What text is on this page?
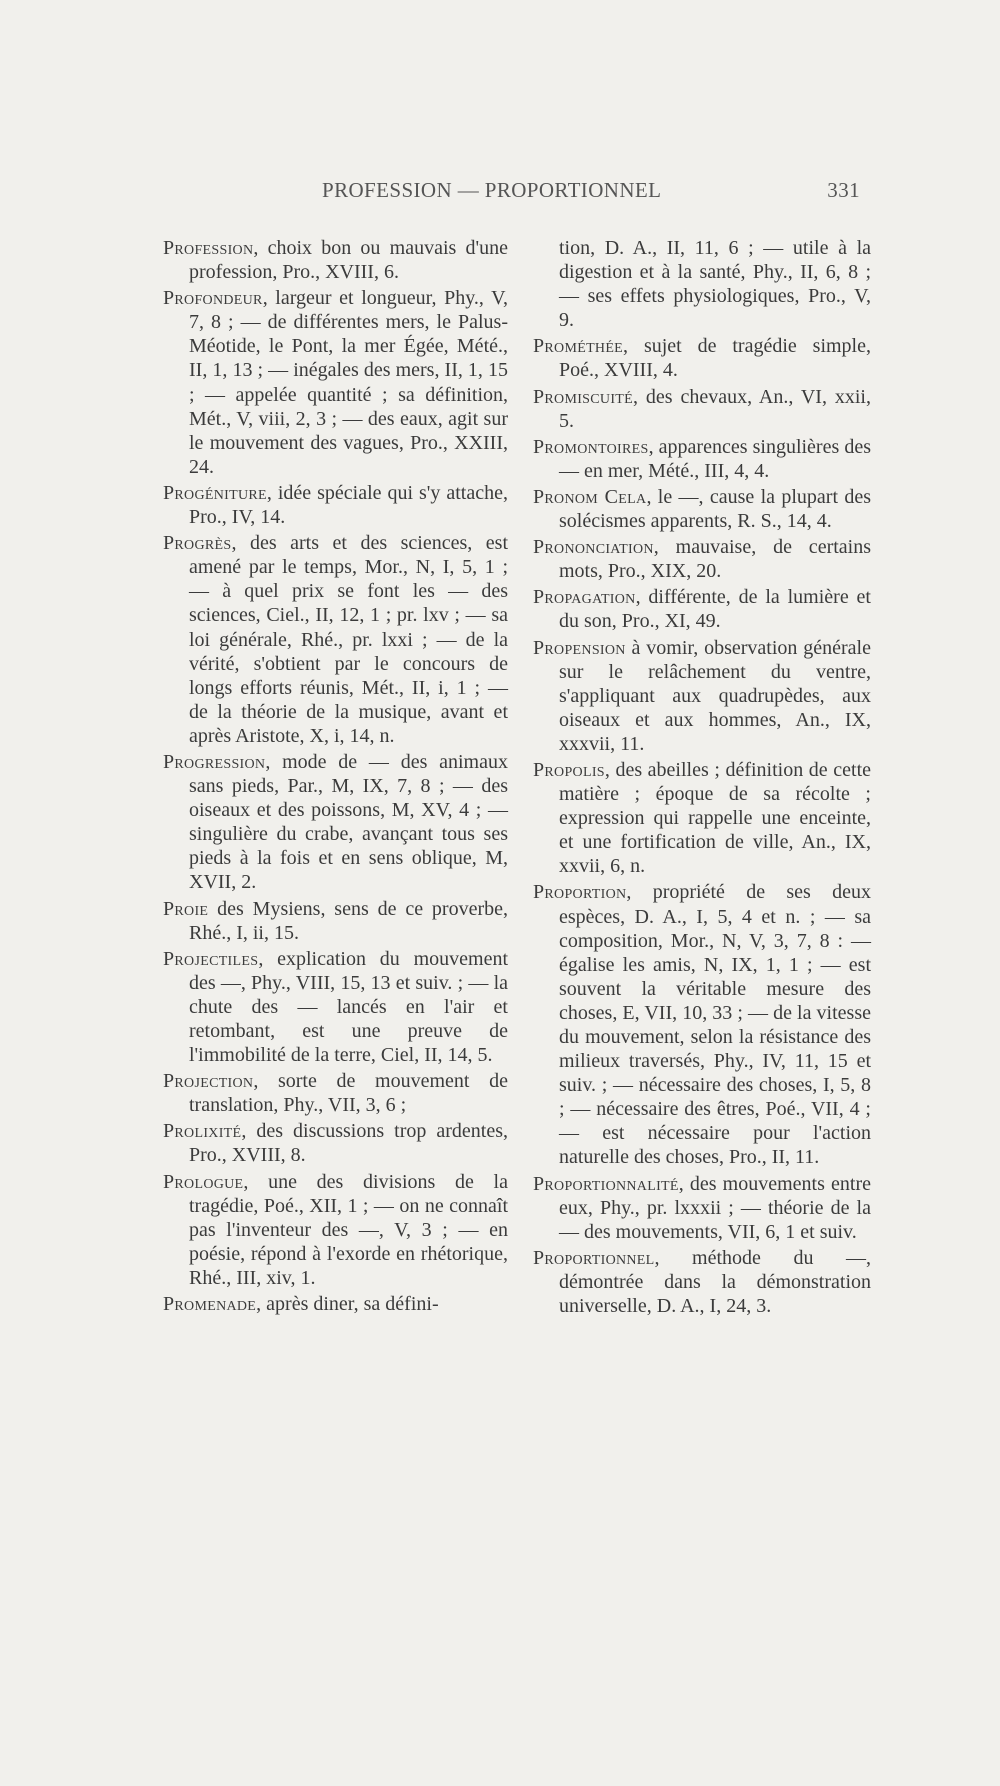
PROFESSION — PROPORTIONNEL	331

Profession, choix bon ou mauvais d'une profession, Pro., XVIII, 6.

Profondeur, largeur et longueur, Phy., V, 7, 8 ; — de différentes mers, le Palus-Méotide, le Pont, la mer Égée, Mété., II, 1, 13 ; — inégales des mers, II, 1, 15 ; — appelée quantité ; sa définition, Mét., V, viii, 2, 3 ; — des eaux, agit sur le mouvement des vagues, Pro., XXIII, 24.

Progéniture, idée spéciale qui s'y attache, Pro., IV, 14.

Progrès, des arts et des sciences, est amené par le temps, Mor., N, I, 5, 1 ; — à quel prix se font les — des sciences, Ciel., II, 12, 1 ; pr. lxv ; — sa loi générale, Rhé., pr. lxxi ; — de la vérité, s'obtient par le concours de longs efforts réunis, Mét., II, i, 1 ; — de la théorie de la musique, avant et après Aristote, X, i, 14, n.

Progression, mode de — des animaux sans pieds, Par., M, IX, 7, 8 ; — des oiseaux et des poissons, M, XV, 4 ; — singulière du crabe, avançant tous ses pieds à la fois et en sens oblique, M, XVII, 2.

Proie des Mysiens, sens de ce proverbe, Rhé., I, ii, 15.

Projectiles, explication du mouvement des —, Phy., VIII, 15, 13 et suiv. ; — la chute des — lancés en l'air et retombant, est une preuve de l'immobilité de la terre, Ciel, II, 14, 5.

Projection, sorte de mouvement de translation, Phy., VII, 3, 6 ;

Prolixité, des discussions trop ardentes, Pro., XVIII, 8.

Prologue, une des divisions de la tragédie, Poé., XII, 1 ; — on ne connaît pas l'inventeur des —, V, 3 ; — en poésie, répond à l'exorde en rhétorique, Rhé., III, xiv, 1.

Promenade, après diner, sa défini-

tion, D. A., II, 11, 6 ; — utile à la digestion et à la santé, Phy., II, 6, 8 ; — ses effets physiologiques, Pro., V, 9.

Prométhée, sujet de tragédie simple, Poé., XVIII, 4.

Promiscuité, des chevaux, An., VI, xxii, 5.

Promontoires, apparences singulières des — en mer, Mété., III, 4, 4.

Pronom Cela, le —, cause la plupart des solécismes apparents, R. S., 14, 4.

Prononciation, mauvaise, de certains mots, Pro., XIX, 20.

Propagation, différente, de la lumière et du son, Pro., XI, 49.

Propension à vomir, observation générale sur le relâchement du ventre, s'appliquant aux quadrupèdes, aux oiseaux et aux hommes, An., IX, xxxvii, 11.

Propolis, des abeilles ; définition de cette matière ; époque de sa récolte ; expression qui rappelle une enceinte, et une fortification de ville, An., IX, xxvii, 6, n.

Proportion, propriété de ses deux espèces, D. A., I, 5, 4 et n. ; — sa composition, Mor., N, V, 3, 7, 8 : — égalise les amis, N, IX, 1, 1 ; — est souvent la véritable mesure des choses, E, VII, 10, 33 ; — de la vitesse du mouvement, selon la résistance des milieux traversés, Phy., IV, 11, 15 et suiv. ; — nécessaire des choses, I, 5, 8 ; — nécessaire des êtres, Poé., VII, 4 ; — est nécessaire pour l'action naturelle des choses, Pro., II, 11.

Proportionnalité, des mouvements entre eux, Phy., pr. lxxxii ; — théorie de la — des mouvements, VII, 6, 1 et suiv.

Proportionnel, méthode du —, démontrée dans la démonstration universelle, D. A., I, 24, 3.
